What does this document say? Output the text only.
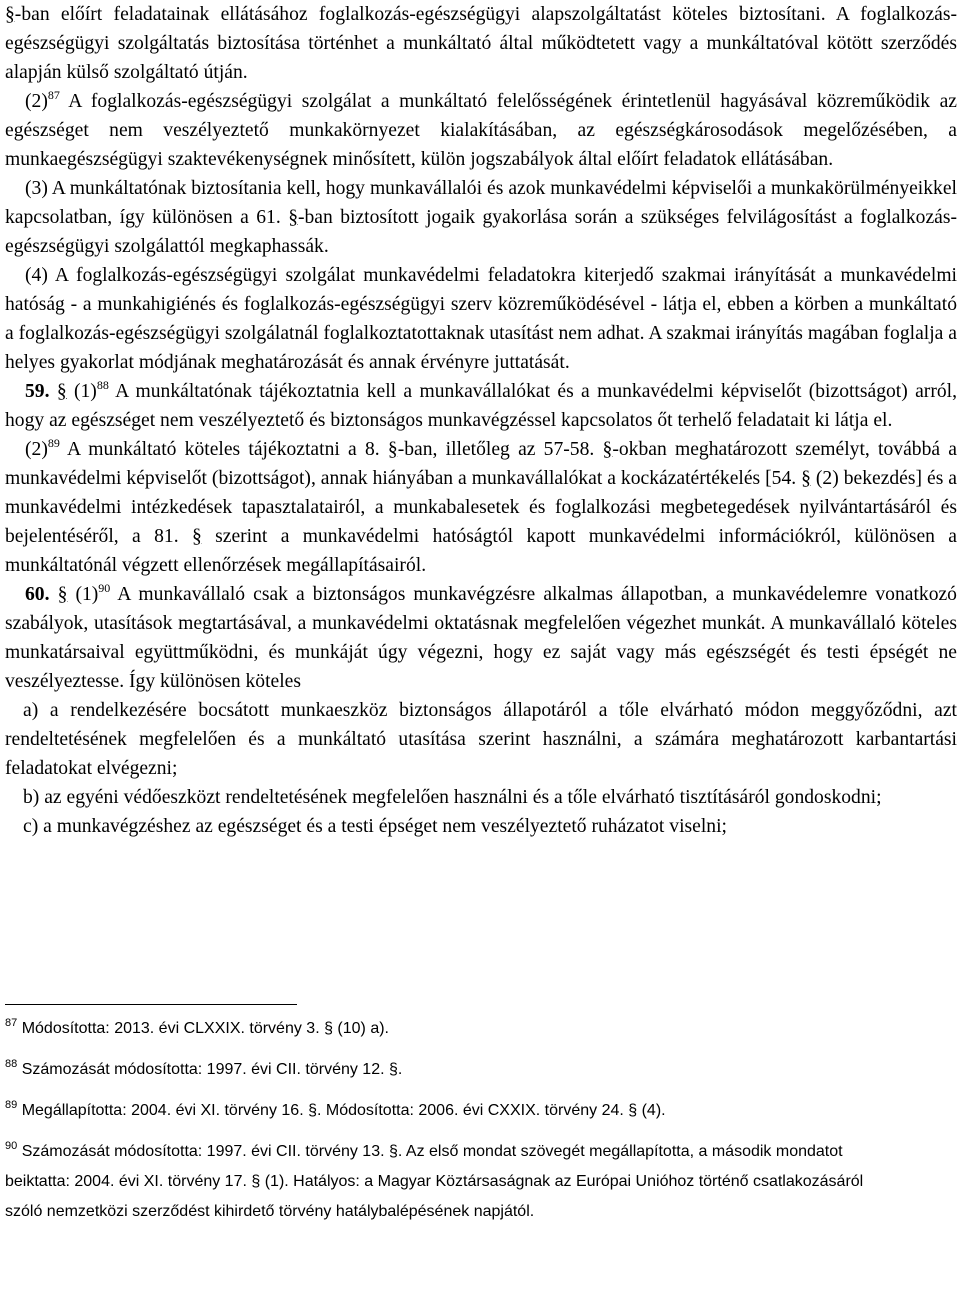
§-ban előírt feladatainak ellátásához foglalkozás-egészségügyi alapszolgáltatást köteles biztosítani. A foglalkozás-egészségügyi szolgáltatás biztosítása történhet a munkáltató által működtetett vagy a munkáltatóval kötött szerződés alapján külső szolgáltató útján.

$(2)^{87}$ A foglalkozás-egészségügyi szolgálat a munkáltató felelősségének érintetlenül hagyásával közreműködik az egészséget nem veszélyeztető munkakörnyezet kialakításában, az egészségkárosodások megelőzésében, a munkaegészségügyi szaktevékenységnek minősített, külön jogszabályok által előírt feladatok ellátásában.

(3) A munkáltatónak biztosítania kell, hogy munkavállalói és azok munkavédelmi képviselői a munkakörülményeikkel kapcsolatban, így különösen a 61. §-ban biztosított jogaik gyakorlása során a szükséges felvilágosítást a foglalkozás-egészségügyi szolgálattól megkaphassák.

(4) A foglalkozás-egészségügyi szolgálat munkavédelmi feladatokra kiterjedő szakmai irányítását a munkavédelmi hatóság - a munkahigiénés és foglalkozás-egészségügyi szerv közreműködésével - látja el, ebben a körben a munkáltató a foglalkozás-egészségügyi szolgálatnál foglalkoztatottaknak utasítást nem adhat. A szakmai irányítás magában foglalja a helyes gyakorlat módjának meghatározását és annak érvényre juttatását.

59. § $(1)^{88}$ A munkáltatónak tájékoztatnia kell a munkavállalókat és a munkavédelmi képviselőt (bizottságot) arról, hogy az egészséget nem veszélyeztető és biztonságos munkavégzéssel kapcsolatos őt terhelő feladatait ki látja el.

$(2)^{89}$ A munkáltató köteles tájékoztatni a 8. §-ban, illetőleg az 57-58. §-okban meghatározott személyt, továbbá a munkavédelmi képviselőt (bizottságot), annak hiányában a munkavállalókat a kockázatértékelés [54. § (2) bekezdés] és a munkavédelmi intézkedések tapasztalatairól, a munkabalesetek és foglalkozási megbetegedések nyilvántartásáról és bejelentéséről, a 81. § szerint a munkavédelmi hatóságtól kapott munkavédelmi információkról, különösen a munkáltatónál végzett ellenőrzések megállapításairól.

60. § $(1)^{90}$ A munkavállaló csak a biztonságos munkavégzésre alkalmas állapotban, a munkavédelemre vonatkozó szabályok, utasítások megtartásával, a munkavédelmi oktatásnak megfelelően végezhet munkát. A munkavállaló köteles munkatársaival együttműködni, és munkáját úgy végezni, hogy ez saját vagy más egészségét és testi épségét ne veszélyeztesse. Így különösen köteles

a) a rendelkezésére bocsátott munkaeszköz biztonságos állapotáról a tőle elvárható módon meggyőződni, azt rendeltetésének megfelelően és a munkáltató utasítása szerint használni, a számára meghatározott karbantartási feladatokat elvégezni;

b) az egyéni védőeszközt rendeltetésének megfelelően használni és a tőle elvárható tisztításáról gondoskodni;

c) a munkavégzéshez az egészséget és a testi épséget nem veszélyeztető ruházatot viselni;

$^{87}$ Módosította: 2013. évi CLXXIX. törvény 3. § (10) a).

$^{88}$ Számozását módosította: 1997. évi CII. törvény 12. §.

$^{89}$ Megállapította: 2004. évi XI. törvény 16. §. Módosította: 2006. évi CXXIX. törvény 24. § (4).

$^{90}$ Számozását módosította: 1997. évi CII. törvény 13. §. Az első mondat szövegét megállapította, a második mondatot beiktatta: 2004. évi XI. törvény 17. § (1). Hatályos: a Magyar Köztársaságnak az Európai Unióhoz történő csatlakozásáról szóló nemzetközi szerződést kihirdető törvény hatálybalépésének napjától.
